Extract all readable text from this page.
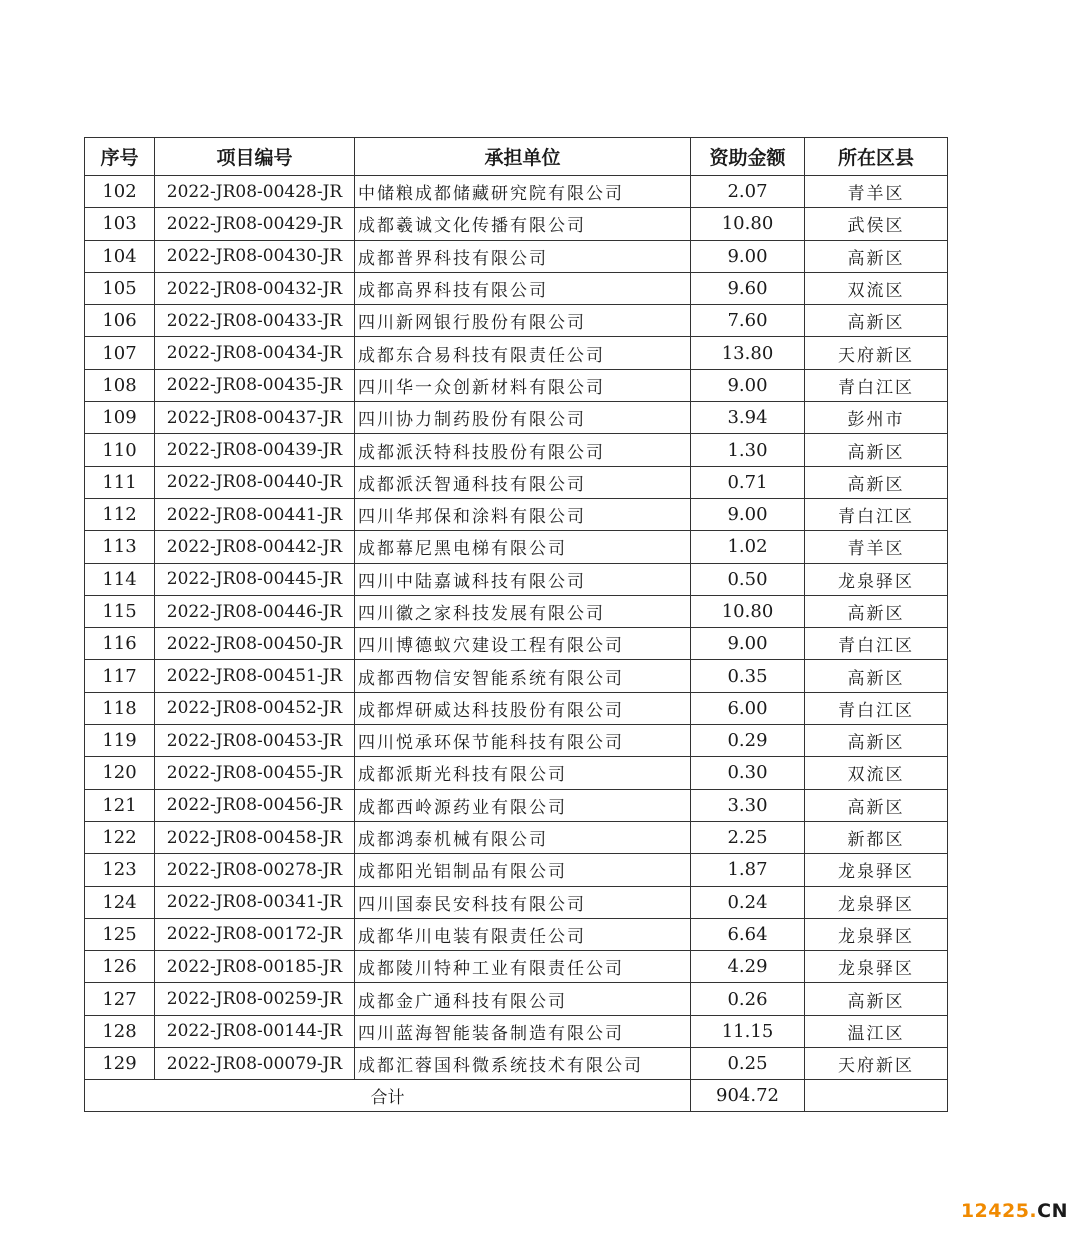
序号	项目编号	承担单位	资助金额	所在区县
102	2022-JR08-00428-JR	中储粮成都储藏研究院有限公司	2.07	青羊区
103	2022-JR08-00429-JR	成都羲诚文化传播有限公司	10.80	武侯区
104	2022-JR08-00430-JR	成都普界科技有限公司	9.00	高新区
105	2022-JR08-00432-JR	成都高界科技有限公司	9.60	双流区
106	2022-JR08-00433-JR	四川新网银行股份有限公司	7.60	高新区
107	2022-JR08-00434-JR	成都东合易科技有限责任公司	13.80	天府新区
108	2022-JR08-00435-JR	四川华一众创新材料有限公司	9.00	青白江区
109	2022-JR08-00437-JR	四川协力制药股份有限公司	3.94	彭州市
110	2022-JR08-00439-JR	成都派沃特科技股份有限公司	1.30	高新区
111	2022-JR08-00440-JR	成都派沃智通科技有限公司	0.71	高新区
112	2022-JR08-00441-JR	四川华邦保和涂料有限公司	9.00	青白江区
113	2022-JR08-00442-JR	成都幕尼黑电梯有限公司	1.02	青羊区
114	2022-JR08-00445-JR	四川中陆嘉诚科技有限公司	0.50	龙泉驿区
115	2022-JR08-00446-JR	四川徽之家科技发展有限公司	10.80	高新区
116	2022-JR08-00450-JR	四川博德蚁穴建设工程有限公司	9.00	青白江区
117	2022-JR08-00451-JR	成都西物信安智能系统有限公司	0.35	高新区
118	2022-JR08-00452-JR	成都焊研威达科技股份有限公司	6.00	青白江区
119	2022-JR08-00453-JR	四川悦承环保节能科技有限公司	0.29	高新区
120	2022-JR08-00455-JR	成都派斯光科技有限公司	0.30	双流区
121	2022-JR08-00456-JR	成都西岭源药业有限公司	3.30	高新区
122	2022-JR08-00458-JR	成都鸿泰机械有限公司	2.25	新都区
123	2022-JR08-00278-JR	成都阳光铝制品有限公司	1.87	龙泉驿区
124	2022-JR08-00341-JR	四川国泰民安科技有限公司	0.24	龙泉驿区
125	2022-JR08-00172-JR	成都华川电装有限责任公司	6.64	龙泉驿区
126	2022-JR08-00185-JR	成都陵川特种工业有限责任公司	4.29	龙泉驿区
127	2022-JR08-00259-JR	成都金广通科技有限公司	0.26	高新区
128	2022-JR08-00144-JR	四川蓝海智能装备制造有限公司	11.15	温江区
129	2022-JR08-00079-JR	成都汇蓉国科微系统技术有限公司	0.25	天府新区
合计			904.72	
12425.CN
